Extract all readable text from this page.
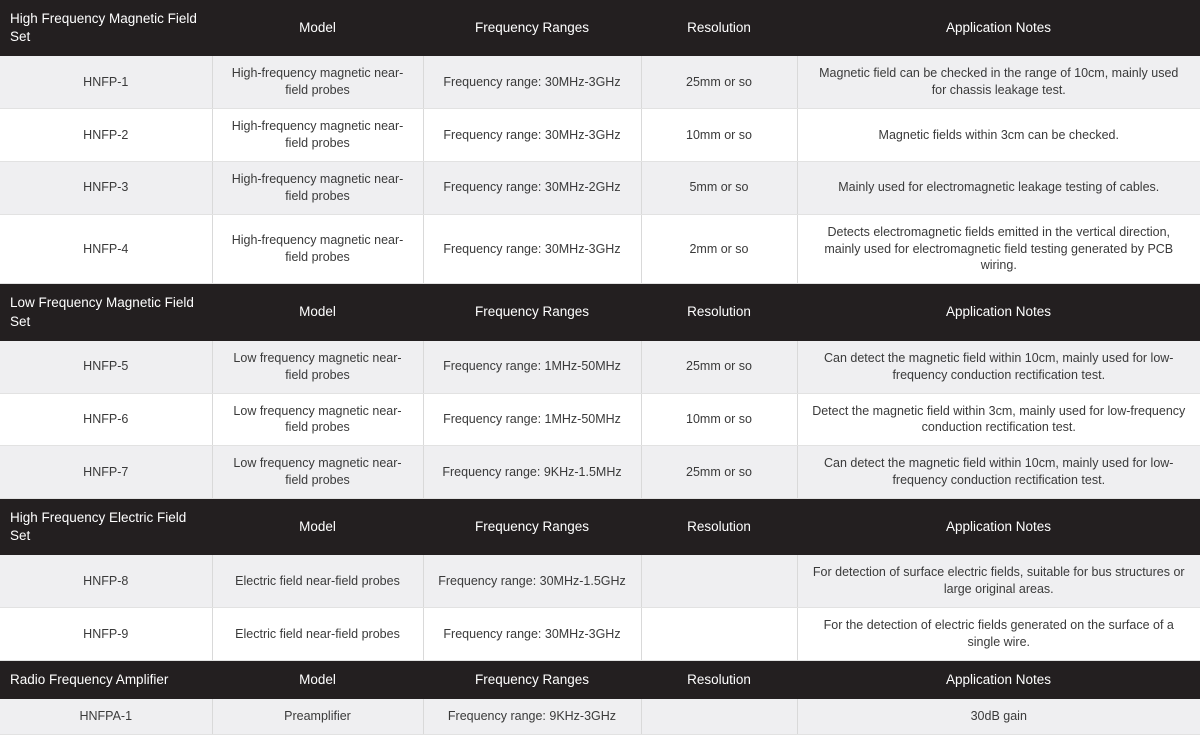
High Frequency Magnetic Field Set	Model	Frequency Ranges	Resolution	Application Notes
HNFP-1	High-frequency magnetic near-field probes	Frequency range: 30MHz-3GHz	25mm or so	Magnetic field can be checked in the range of 10cm, mainly used for chassis leakage test.
HNFP-2	High-frequency magnetic near-field probes	Frequency range: 30MHz-3GHz	10mm or so	Magnetic fields within 3cm can be checked.
HNFP-3	High-frequency magnetic near-field probes	Frequency range: 30MHz-2GHz	5mm or so	Mainly used for electromagnetic leakage testing of cables.
HNFP-4	High-frequency magnetic near-field probes	Frequency range: 30MHz-3GHz	2mm or so	Detects electromagnetic fields emitted in the vertical direction, mainly used for electromagnetic field testing generated by PCB wiring.
Low Frequency Magnetic Field Set	Model	Frequency Ranges	Resolution	Application Notes
HNFP-5	Low frequency magnetic near-field probes	Frequency range: 1MHz-50MHz	25mm or so	Can detect the magnetic field within 10cm, mainly used for low-frequency conduction rectification test.
HNFP-6	Low frequency magnetic near-field probes	Frequency range: 1MHz-50MHz	10mm or so	Detect the magnetic field within 3cm, mainly used for low-frequency conduction rectification test.
HNFP-7	Low frequency magnetic near-field probes	Frequency range: 9KHz-1.5MHz	25mm or so	Can detect the magnetic field within 10cm, mainly used for low-frequency conduction rectification test.
High Frequency Electric Field Set	Model	Frequency Ranges	Resolution	Application Notes
HNFP-8	Electric field near-field probes	Frequency range: 30MHz-1.5GHz		For detection of surface electric fields, suitable for bus structures or large original areas.
HNFP-9	Electric field near-field probes	Frequency range: 30MHz-3GHz		For the detection of electric fields generated on the surface of a single wire.
Radio Frequency Amplifier	Model	Frequency Ranges	Resolution	Application Notes
HNFPA-1	Preamplifier	Frequency range: 9KHz-3GHz		30dB gain
